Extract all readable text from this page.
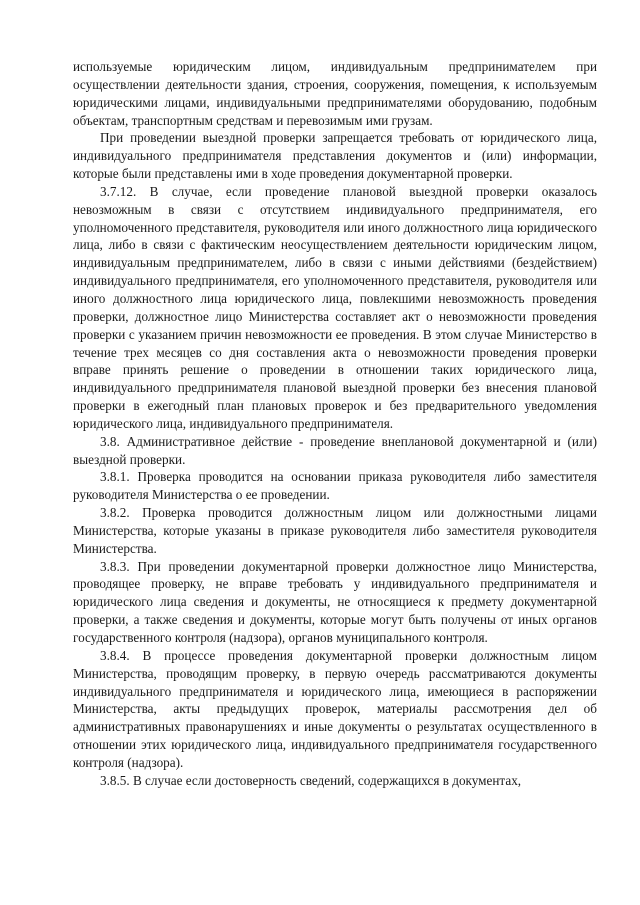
используемые юридическим лицом, индивидуальным предпринимателем при осуществлении деятельности здания, строения, сооружения, помещения, к используемым юридическими лицами, индивидуальными предпринимателями оборудованию, подобным объектам, транспортным средствам и перевозимым ими грузам.

При проведении выездной проверки запрещается требовать от юридического лица, индивидуального предпринимателя представления документов и (или) информации, которые были представлены ими в ходе проведения документарной проверки.

3.7.12. В случае, если проведение плановой выездной проверки оказалось невозможным в связи с отсутствием индивидуального предпринимателя, его уполномоченного представителя, руководителя или иного должностного лица юридического лица, либо в связи с фактическим неосуществлением деятельности юридическим лицом, индивидуальным предпринимателем, либо в связи с иными действиями (бездействием) индивидуального предпринимателя, его уполномоченного представителя, руководителя или иного должностного лица юридического лица, повлекшими невозможность проведения проверки, должностное лицо Министерства составляет акт о невозможности проведения проверки с указанием причин невозможности ее проведения. В этом случае Министерство в течение трех месяцев со дня составления акта о невозможности проведения проверки вправе принять решение о проведении в отношении таких юридического лица, индивидуального предпринимателя плановой выездной проверки без внесения плановой проверки в ежегодный план плановых проверок и без предварительного уведомления юридического лица, индивидуального предпринимателя.

3.8. Административное действие - проведение внеплановой документарной и (или) выездной проверки.

3.8.1. Проверка проводится на основании приказа руководителя либо заместителя руководителя Министерства о ее проведении.

3.8.2. Проверка проводится должностным лицом или должностными лицами Министерства, которые указаны в приказе руководителя либо заместителя руководителя Министерства.

3.8.3. При проведении документарной проверки должностное лицо Министерства, проводящее проверку, не вправе требовать у индивидуального предпринимателя и юридического лица сведения и документы, не относящиеся к предмету документарной проверки, а также сведения и документы, которые могут быть получены от иных органов государственного контроля (надзора), органов муниципального контроля.

3.8.4. В процессе проведения документарной проверки должностным лицом Министерства, проводящим проверку, в первую очередь рассматриваются документы индивидуального предпринимателя и юридического лица, имеющиеся в распоряжении Министерства, акты предыдущих проверок, материалы рассмотрения дел об административных правонарушениях и иные документы о результатах осуществленного в отношении этих юридического лица, индивидуального предпринимателя государственного контроля (надзора).

3.8.5. В случае если достоверность сведений, содержащихся в документах,
